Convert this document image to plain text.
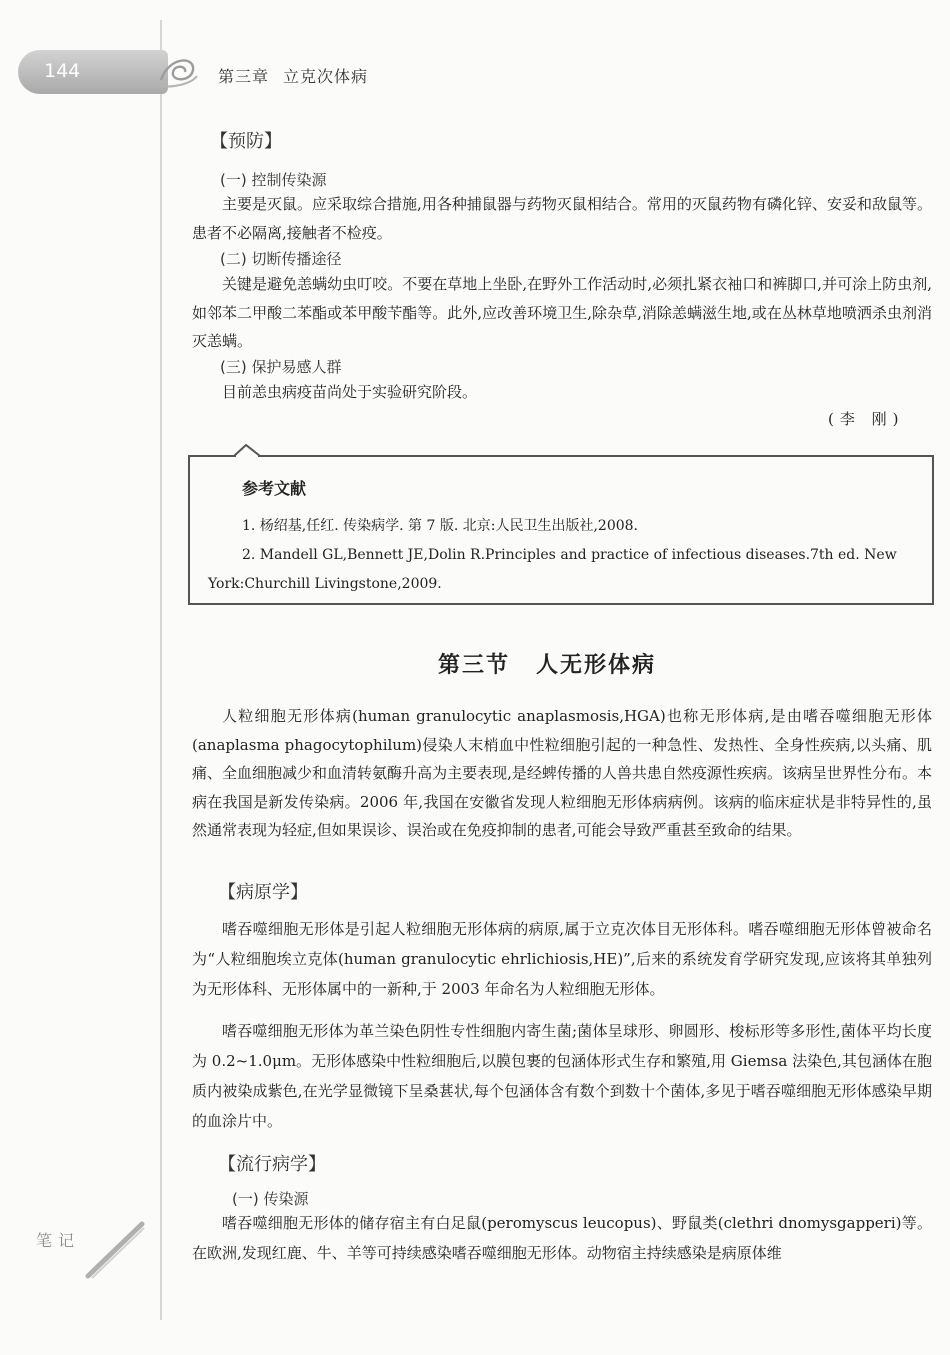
144	第三章 立克次体病
【预防】
(一) 控制传染源

主要是灭鼠。应采取综合措施,用各种捕鼠器与药物灭鼠相结合。常用的灭鼠药物有磷化锌、安妥和敌鼠等。患者不必隔离,接触者不检疫。

(二) 切断传播途径

关键是避免恙螨幼虫叮咬。不要在草地上坐卧,在野外工作活动时,必须扎紧衣袖口和裤脚口,并可涂上防虫剂,如邻苯二甲酸二苯酯或苯甲酸苄酯等。此外,应改善环境卫生,除杂草,消除恙螨滋生地,或在丛林草地喷洒杀虫剂消灭恙螨。

(三) 保护易感人群

目前恙虫病疫苗尚处于实验研究阶段。

(李 刚)
参考文献

1. 杨绍基,任红. 传染病学. 第 7 版. 北京:人民卫生出版社,2008.

2. Mandell GL,Bennett JE,Dolin R.Principles and practice of infectious diseases.7th ed. New York:Churchill Livingstone,2009.

第三节 人无形体病

人粒细胞无形体病(human granulocytic anaplasmosis,HGA)也称无形体病,是由嗜吞噬细胞无形体(anaplasma phagocytophilum)侵染人末梢血中性粒细胞引起的一种急性、发热性、全身性疾病,以头痛、肌痛、全血细胞减少和血清转氨酶升高为主要表现,是经蜱传播的人兽共患自然疫源性疾病。该病呈世界性分布。本病在我国是新发传染病。2006 年,我国在安徽省发现人粒细胞无形体病病例。该病的临床症状是非特异性的,虽然通常表现为轻症,但如果误诊、误治或在免疫抑制的患者,可能会导致严重甚至致命的结果。

【病原学】

嗜吞噬细胞无形体是引起人粒细胞无形体病的病原,属于立克次体目无形体科。嗜吞噬细胞无形体曾被命名为“人粒细胞埃立克体(human granulocytic ehrlichiosis,HE)”,后来的系统发育学研究发现,应该将其单独列为无形体科、无形体属中的一新种,于 2003 年命名为人粒细胞无形体。

嗜吞噬细胞无形体为革兰染色阴性专性细胞内寄生菌;菌体呈球形、卵圆形、梭标形等多形性,菌体平均长度为 0.2~1.0μm。无形体感染中性粒细胞后,以膜包裹的包涵体形式生存和繁殖,用 Giemsa 法染色,其包涵体在胞质内被染成紫色,在光学显微镜下呈桑葚状,每个包涵体含有数个到数十个菌体,多见于嗜吞噬细胞无形体感染早期的血涂片中。

【流行病学】
(一) 传染源

嗜吞噬细胞无形体的储存宿主有白足鼠(peromyscus leucopus)、野鼠类(clethri dnomysgapperi)等。在欧洲,发现红鹿、牛、羊等可持续感染嗜吞噬细胞无形体。动物宿主持续感染是病原体维

笔记
